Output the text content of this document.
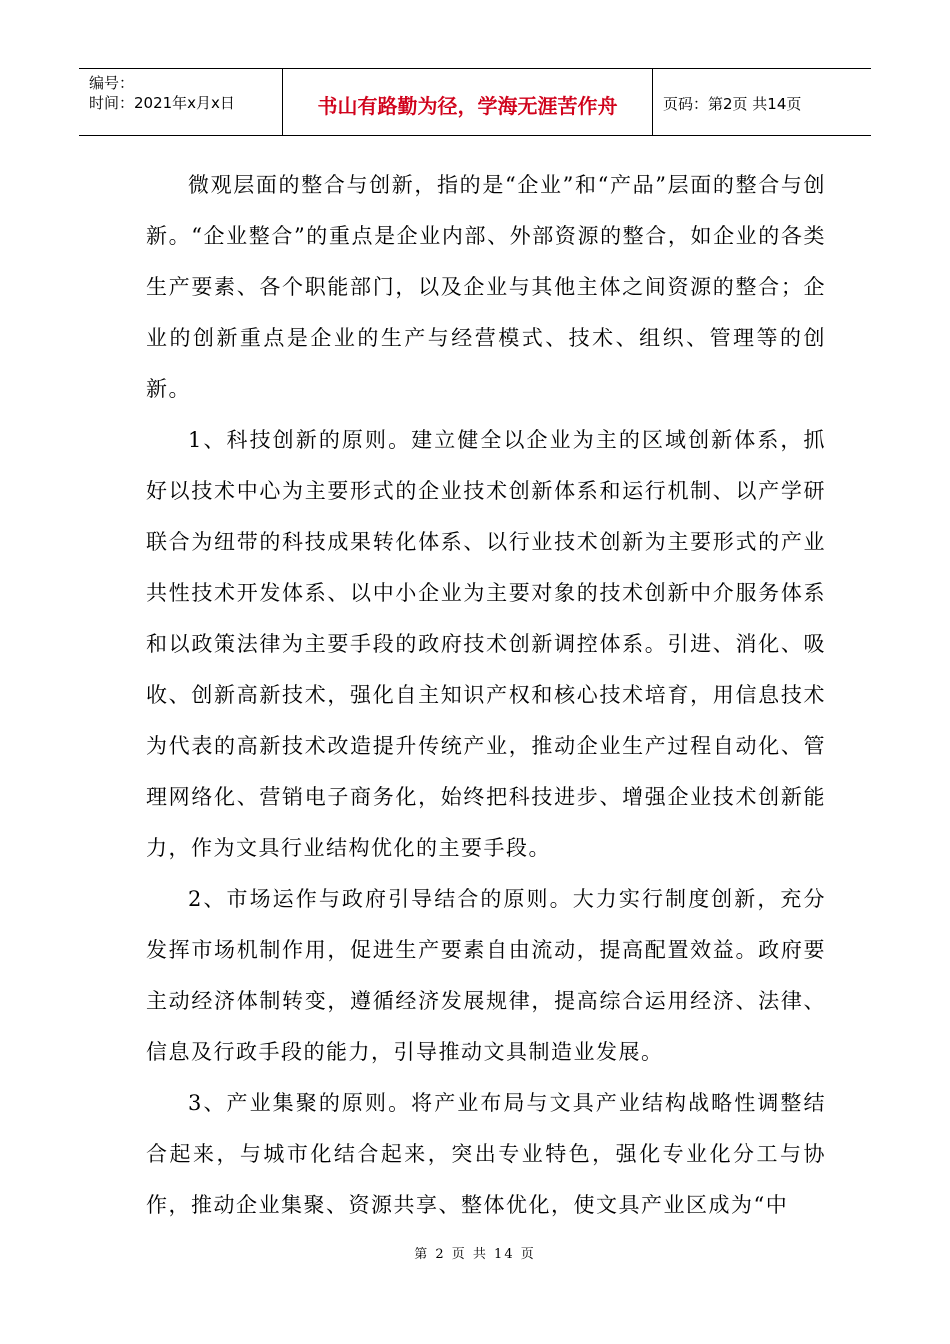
编号：
时间：2021年x月x日	书山有路勤为径，学海无涯苦作舟	页码：第2页 共14页

微观层面的整合与创新，指的是“企业”和“产品”层面的整合与创新。“企业整合”的重点是企业内部、外部资源的整合，如企业的各类生产要素、各个职能部门，以及企业与其他主体之间资源的整合；企业的创新重点是企业的生产与经营模式、技术、组织、管理等的创新。

1、科技创新的原则。建立健全以企业为主的区域创新体系，抓好以技术中心为主要形式的企业技术创新体系和运行机制、以产学研联合为纽带的科技成果转化体系、以行业技术创新为主要形式的产业共性技术开发体系、以中小企业为主要对象的技术创新中介服务体系和以政策法律为主要手段的政府技术创新调控体系。引进、消化、吸收、创新高新技术，强化自主知识产权和核心技术培育，用信息技术为代表的高新技术改造提升传统产业，推动企业生产过程自动化、管理网络化、营销电子商务化，始终把科技进步、增强企业技术创新能力，作为文具行业结构优化的主要手段。

2、市场运作与政府引导结合的原则。大力实行制度创新，充分发挥市场机制作用，促进生产要素自由流动，提高配置效益。政府要主动经济体制转变，遵循经济发展规律，提高综合运用经济、法律、信息及行政手段的能力，引导推动文具制造业发展。

3、产业集聚的原则。将产业布局与文具产业结构战略性调整结合起来，与城市化结合起来，突出专业特色，强化专业化分工与协作，推动企业集聚、资源共享、整体优化，使文具产业区成为“中

第 2 页 共 14 页
